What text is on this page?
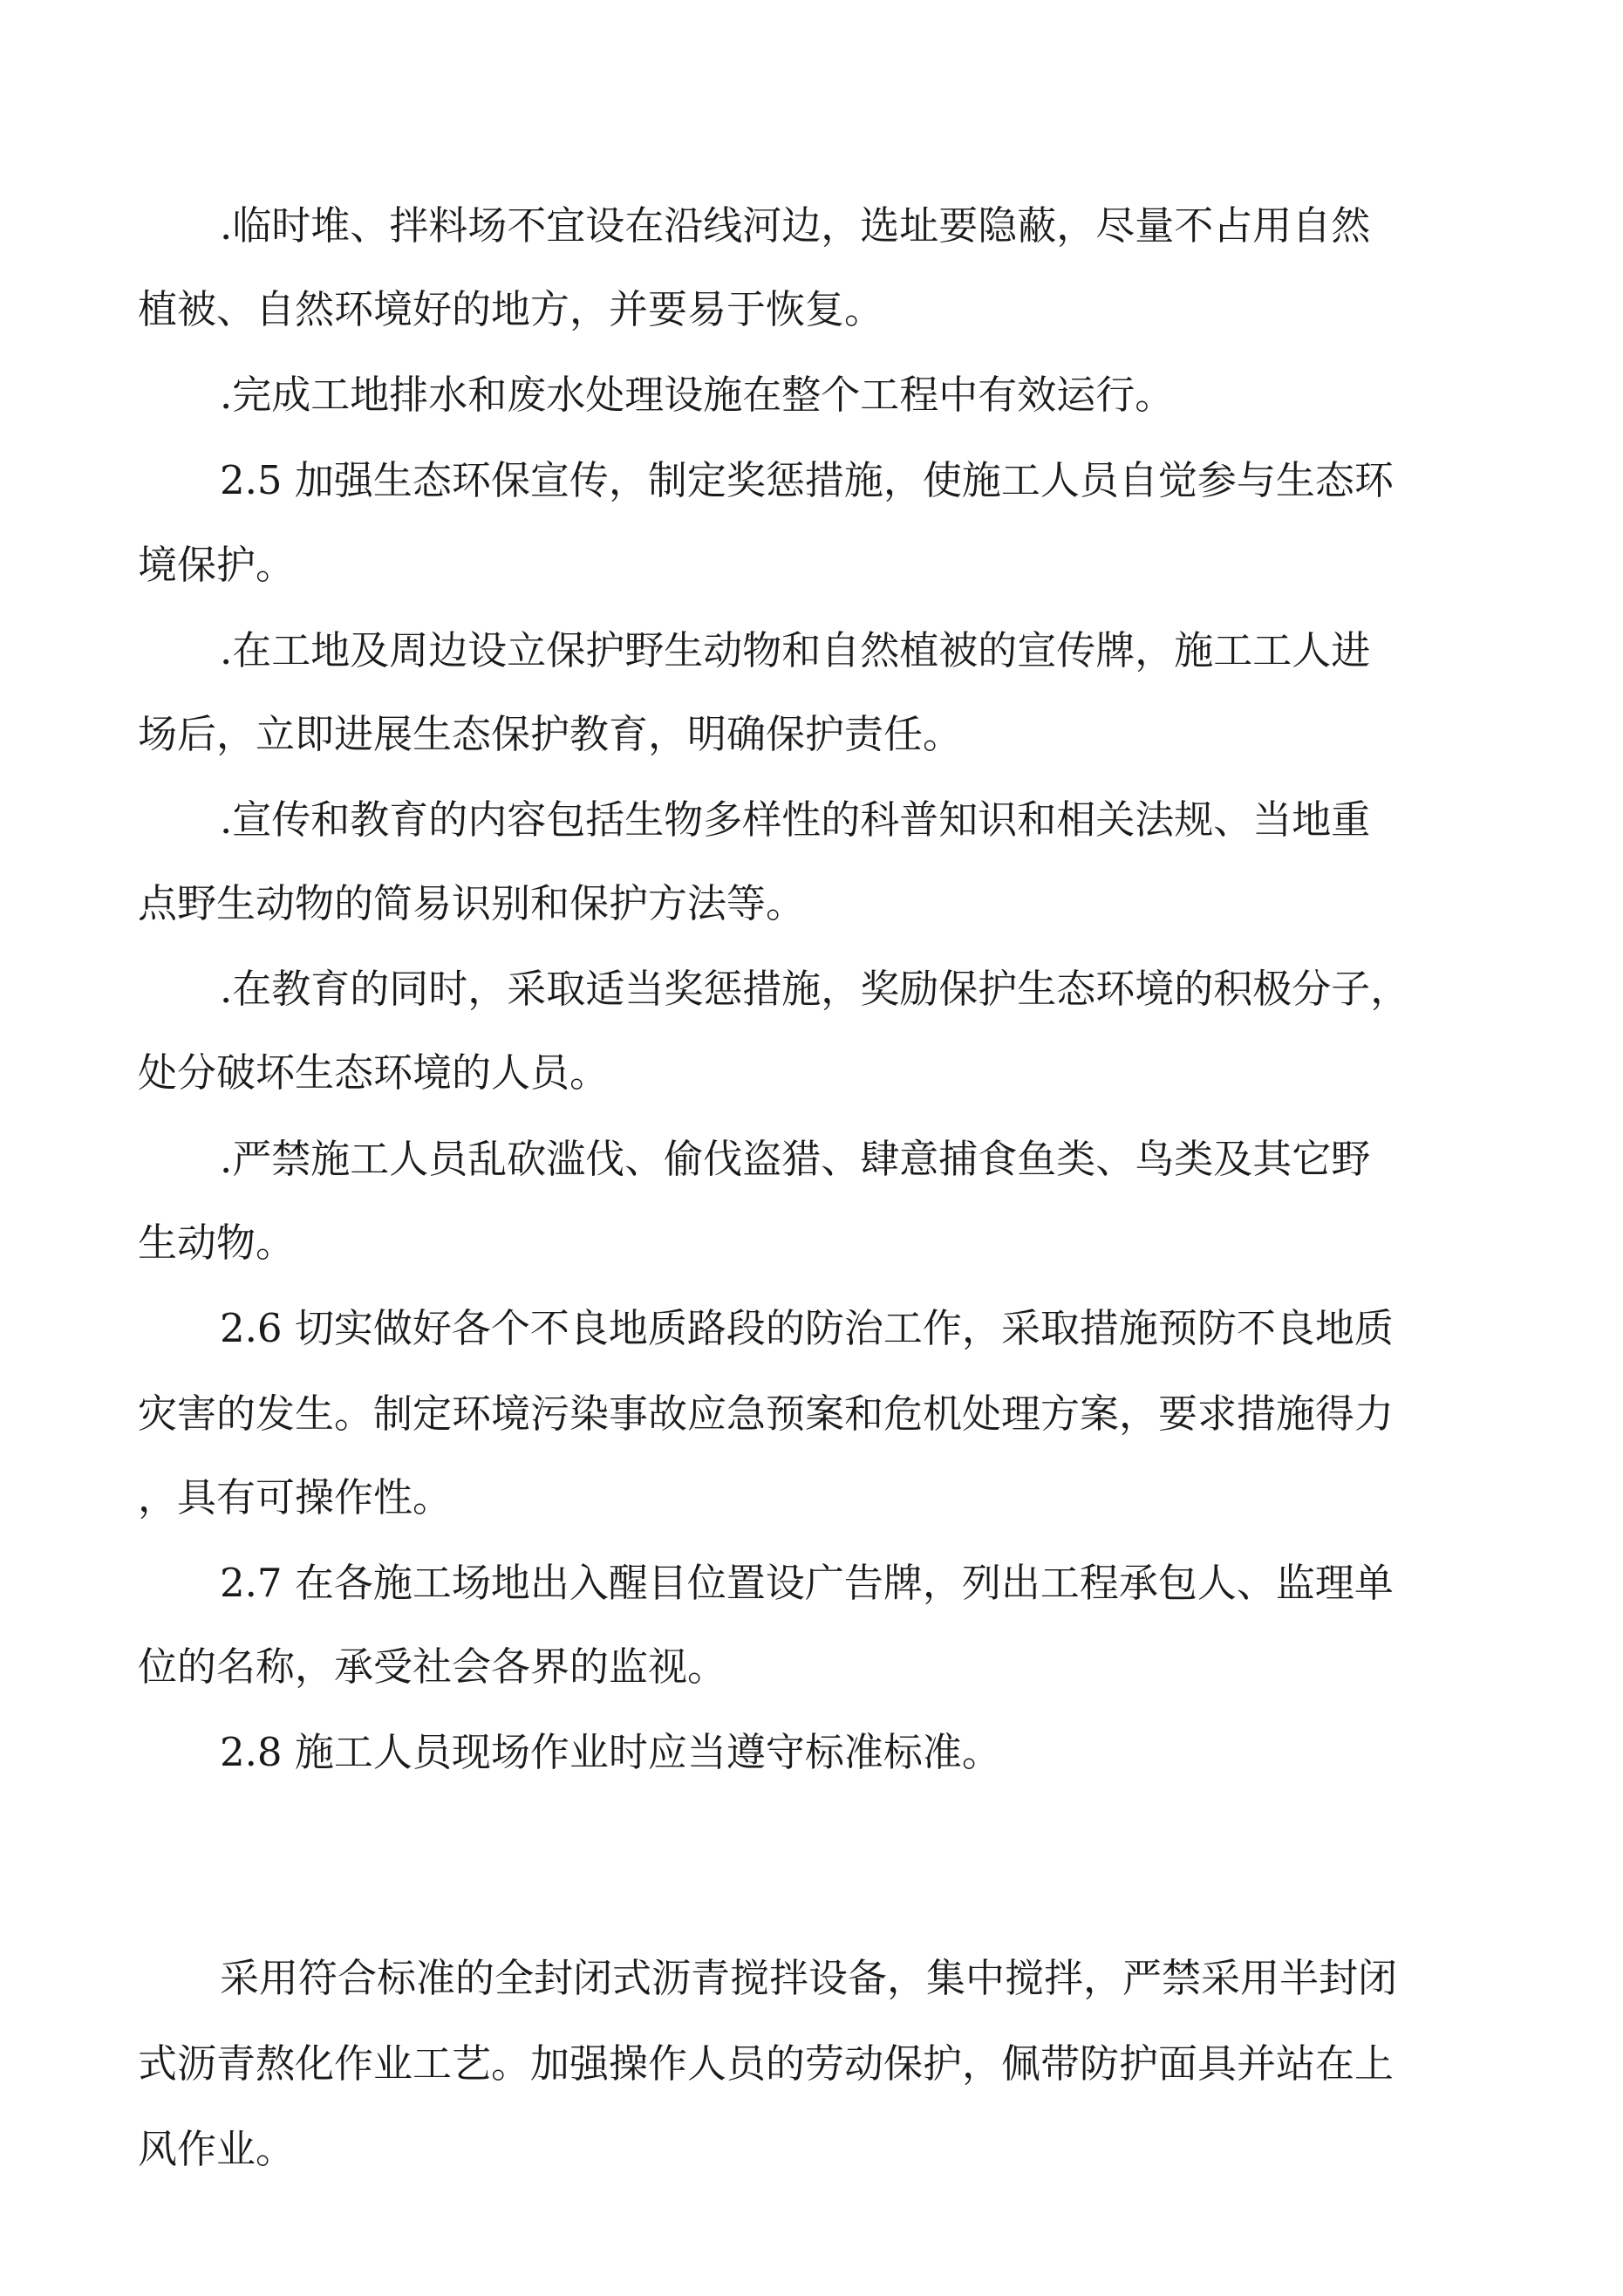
.临时堆、拌料场不宜设在沿线河边，选址要隐蔽，尽量不占用自然

植被、自然环境好的地方，并要易于恢复。

.完成工地排水和废水处理设施在整个工程中有效运行。

2.5 加强生态环保宣传，制定奖惩措施，使施工人员自觉参与生态环

境保护。

.在工地及周边设立保护野生动物和自然植被的宣传牌，施工工人进

场后，立即进展生态保护教育，明确保护责任。

.宣传和教育的内容包括生物多样性的科普知识和相关法规、当地重

点野生动物的简易识别和保护方法等。

.在教育的同时，采取适当奖惩措施，奖励保护生态环境的积极分子，

处分破坏生态环境的人员。

.严禁施工人员乱砍滥伐、偷伐盗猎、肆意捕食鱼类、鸟类及其它野

生动物。

2.6 切实做好各个不良地质路段的防治工作，采取措施预防不良地质

灾害的发生。制定环境污染事故应急预案和危机处理方案，要求措施得力

，具有可操作性。

2.7 在各施工场地出入醒目位置设广告牌，列出工程承包人、监理单

位的名称，承受社会各界的监视。

2.8 施工人员现场作业时应当遵守标准标准。

采用符合标准的全封闭式沥青搅拌设备，集中搅拌，严禁采用半封闭

式沥青熬化作业工艺。加强操作人员的劳动保护，佩带防护面具并站在上

风作业。
